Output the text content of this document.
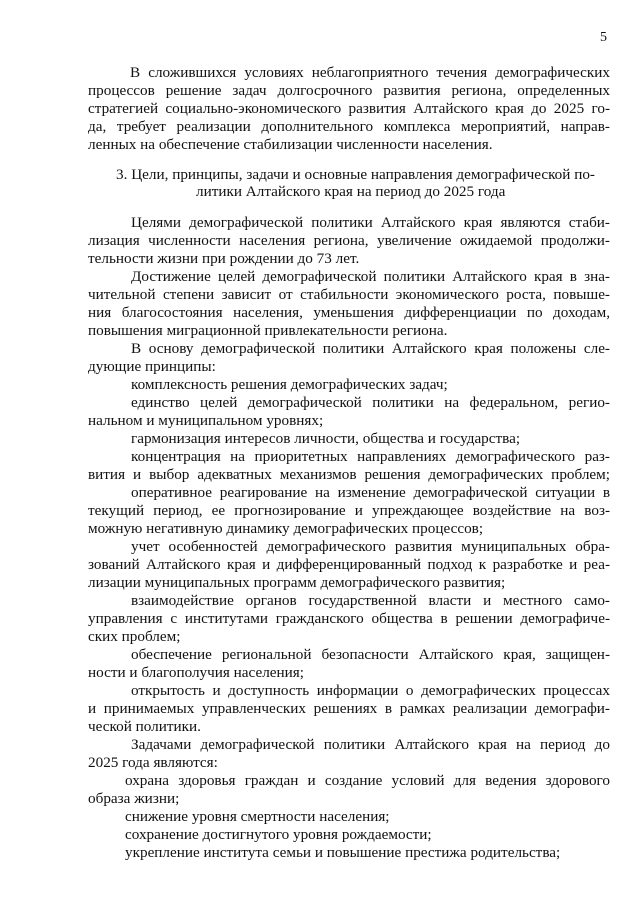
5
В сложившихся условиях неблагоприятного течения демографических
процессов решение задач долгосрочного развития региона, определенных
стратегией социально-экономического развития Алтайского края до 2025 го-
да, требует реализации дополнительного комплекса мероприятий, направ-
ленных на обеспечение стабилизации численности населения.
3. Цели, принципы, задачи и основные направления демографической по-
литики Алтайского края на период до 2025 года
Целями демографической политики Алтайского края являются стаби-
лизация численности населения региона, увеличение ожидаемой продолжи-
тельности жизни при рождении до 73 лет.
Достижение целей демографической политики Алтайского края в зна-
чительной степени зависит от стабильности экономического роста, повыше-
ния благосостояния населения, уменьшения дифференциации по доходам,
повышения миграционной привлекательности региона.
В основу демографической политики Алтайского края положены сле-
дующие принципы:
комплексность решения демографических задач;
единство целей демографической политики на федеральном, регио-
нальном и муниципальном уровнях;
гармонизация интересов личности, общества и государства;
концентрация на приоритетных направлениях демографического раз-
вития и выбор адекватных механизмов решения демографических проблем;
оперативное реагирование на изменение демографической ситуации в
текущий период, ее прогнозирование и упреждающее воздействие на воз-
можную негативную динамику демографических процессов;
учет особенностей демографического развития муниципальных обра-
зований Алтайского края и дифференцированный подход к разработке и реа-
лизации муниципальных программ демографического развития;
взаимодействие органов государственной власти и местного само-
управления с институтами гражданского общества в решении демографиче-
ских проблем;
обеспечение региональной безопасности Алтайского края, защищен-
ности и благополучия населения;
открытость и доступность информации о демографических процессах
и принимаемых управленческих решениях в рамках реализации демографи-
ческой политики.
Задачами демографической политики Алтайского края на период до
2025 года являются:
охрана здоровья граждан и создание условий для ведения здорового
образа жизни;
снижение уровня смертности населения;
сохранение достигнутого уровня рождаемости;
укрепление института семьи и повышение престижа родительства;
